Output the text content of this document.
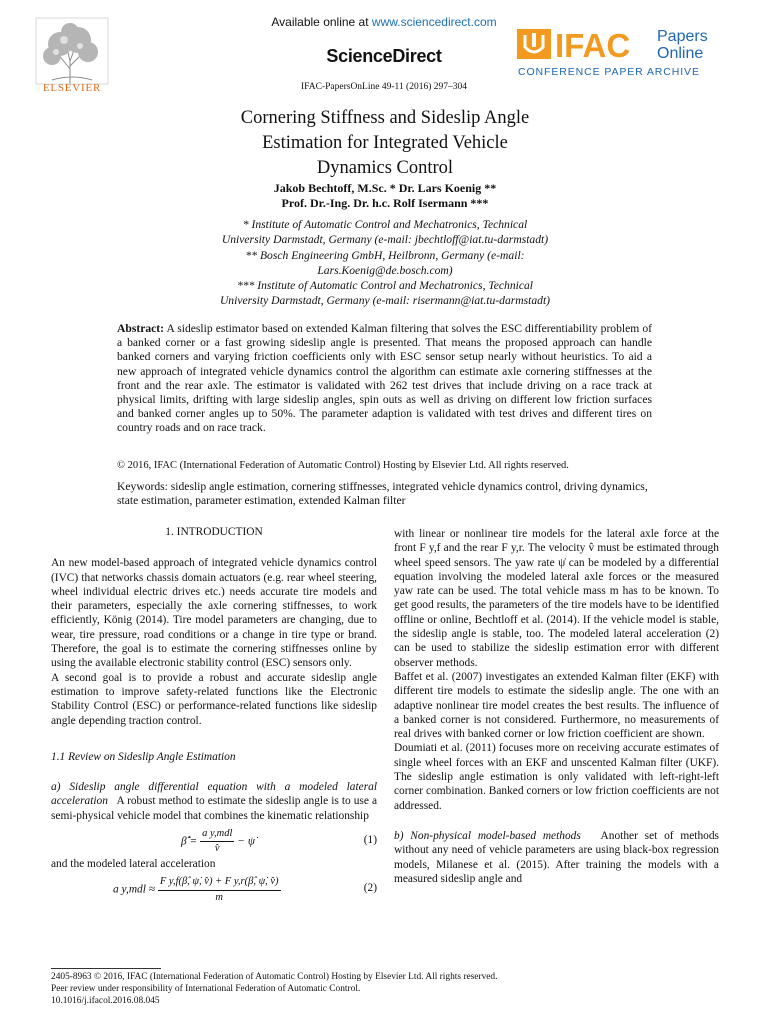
Available online at www.sciencedirect.com
ScienceDirect
IFAC-PapersOnLine 49-11 (2016) 297–304
ELSEVIER
IFAC Papers
Online
CONFERENCE PAPER ARCHIVE
Cornering Stiffness and Sideslip Angle
Estimation for Integrated Vehicle
Dynamics Control
Jakob Bechtoff, M.Sc. * Dr. Lars Koenig **
Prof. Dr.-Ing. Dr. h.c. Rolf Isermann ***
* Institute of Automatic Control and Mechatronics, Technical
University Darmstadt, Germany (e-mail: jbechtloff@iat.tu-darmstadt)
** Bosch Engineering GmbH, Heilbronn, Germany (e-mail:
Lars.Koenig@de.bosch.com)
*** Institute of Automatic Control and Mechatronics, Technical
University Darmstadt, Germany (e-mail: risermann@iat.tu-darmstadt)
Abstract: A sideslip estimator based on extended Kalman filtering that solves the ESC differentiability problem of a banked corner or a fast growing sideslip angle is presented. That means the proposed approach can handle banked corners and varying friction coefficients only with ESC sensor setup nearly without heuristics. To aid a new approach of integrated vehicle dynamics control the algorithm can estimate axle cornering stiffnesses at the front and the rear axle. The estimator is validated with 262 test drives that include driving on a race track at physical limits, drifting with large sideslip angles, spin outs as well as driving on different low friction surfaces and banked corner angles up to 50%. The parameter adaption is validated with test drives and different tires on country roads and on race track.
© 2016, IFAC (International Federation of Automatic Control) Hosting by Elsevier Ltd. All rights reserved.
Keywords: sideslip angle estimation, cornering stiffnesses, integrated vehicle dynamics control, driving dynamics, state estimation, parameter estimation, extended Kalman filter
1. INTRODUCTION

An new model-based approach of integrated vehicle dynamics control (IVC) that networks chassis domain actuators (e.g. rear wheel steering, wheel individual electric drives etc.) needs accurate tire models and their parameters, especially the axle cornering stiffnesses, to work efficiently, König (2014). Tire model parameters are changing, due to wear, tire pressure, road conditions or a change in tire type or brand. Therefore, the goal is to estimate the cornering stiffnesses online by using the available electronic stability control (ESC) sensors only.

A second goal is to provide a robust and accurate sideslip angle estimation to improve safety-related functions like the Electronic Stability Control (ESC) or performance-related functions like sideslip angle depending traction control.

1.1 Review on Sideslip Angle Estimation

a) Sideslip angle differential equation with a modeled lateral acceleration A robust method to estimate the sideslip angle is to use a semi-physical vehicle model that combines the kinematic relationship

β̂̇ = $\frac{\text{a y,mdl}}{v̂}$ − ψ̇	(1)

and the modeled lateral acceleration

a $y,mdl \approx \frac{\text{F y,f(β̂, ψ̇, v̂) + F y,r(β̂, ψ̇, v̂)}}{m}$	(2)

with linear or nonlinear tire models for the lateral axle force at the front F y,f and the rear F y,r. The velocity v̂ must be estimated through wheel speed sensors. The yaw rate ψ̇ can be modeled by a differential equation involving the modeled lateral axle forces or the measured yaw rate can be used. The total vehicle mass m has to be known. To get good results, the parameters of the tire models have to be identified offline or online, Bechtloff et al. (2014). If the vehicle model is stable, the sideslip angle is stable, too. The modeled lateral acceleration (2) can be used to stabilize the sideslip estimation error with different observer methods.

Baffet et al. (2007) investigates an extended Kalman filter (EKF) with different tire models to estimate the sideslip angle. The one with an adaptive nonlinear tire model creates the best results. The influence of a banked corner is not considered. Furthermore, no measurements of real drives with banked corner or low friction coefficient are shown.

Doumiati et al. (2011) focuses more on receiving accurate estimates of single wheel forces with an EKF and unscented Kalman filter (UKF). The sideslip angle estimation is only validated with left-right-left corner combination. Banked corners or low friction coefficients are not addressed.

b) Non-physical model-based methods Another set of methods without any need of vehicle parameters are using black-box regression models, Milanese et al. (2015). After training the models with a measured sideslip angle and

2405-8963 © 2016, IFAC (International Federation of Automatic Control) Hosting by Elsevier Ltd. All rights reserved.
Peer review under responsibility of International Federation of Automatic Control.
10.1016/j.ifacol.2016.08.045
